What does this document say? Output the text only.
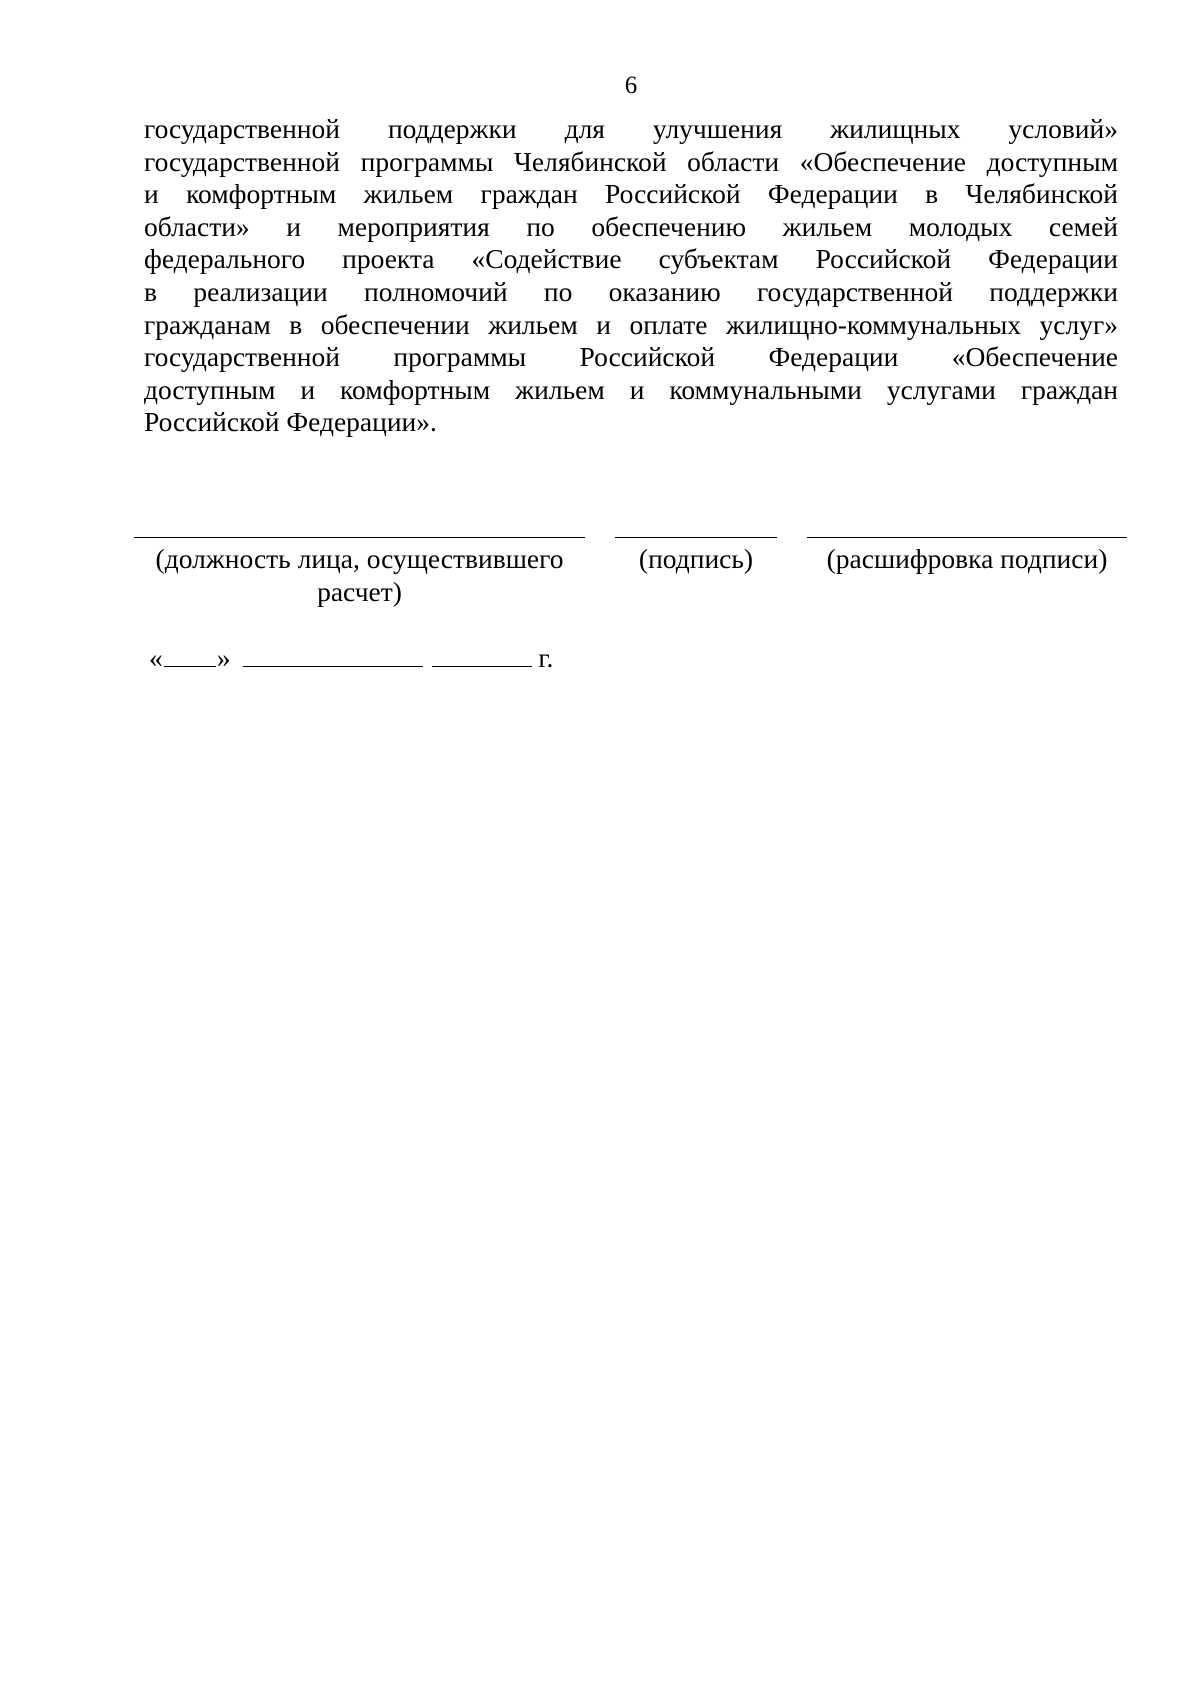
6
государственной поддержки для улучшения жилищных условий»
государственной программы Челябинской области «Обеспечение доступным
и комфортным жильем граждан Российской Федерации в Челябинской
области» и мероприятия по обеспечению жильем молодых семей
федерального проекта «Содействие субъектам Российской Федерации
в реализации полномочий по оказанию государственной поддержки
гражданам в обеспечении жильем и оплате жилищно-коммунальных услуг»
государственной программы Российской Федерации «Обеспечение
доступным и комфортным жильем и коммунальными услугами граждан
Российской Федерации».
(должность лица, осуществившего
расчет)
(подпись)	(расшифровка подписи)
« »	г.
